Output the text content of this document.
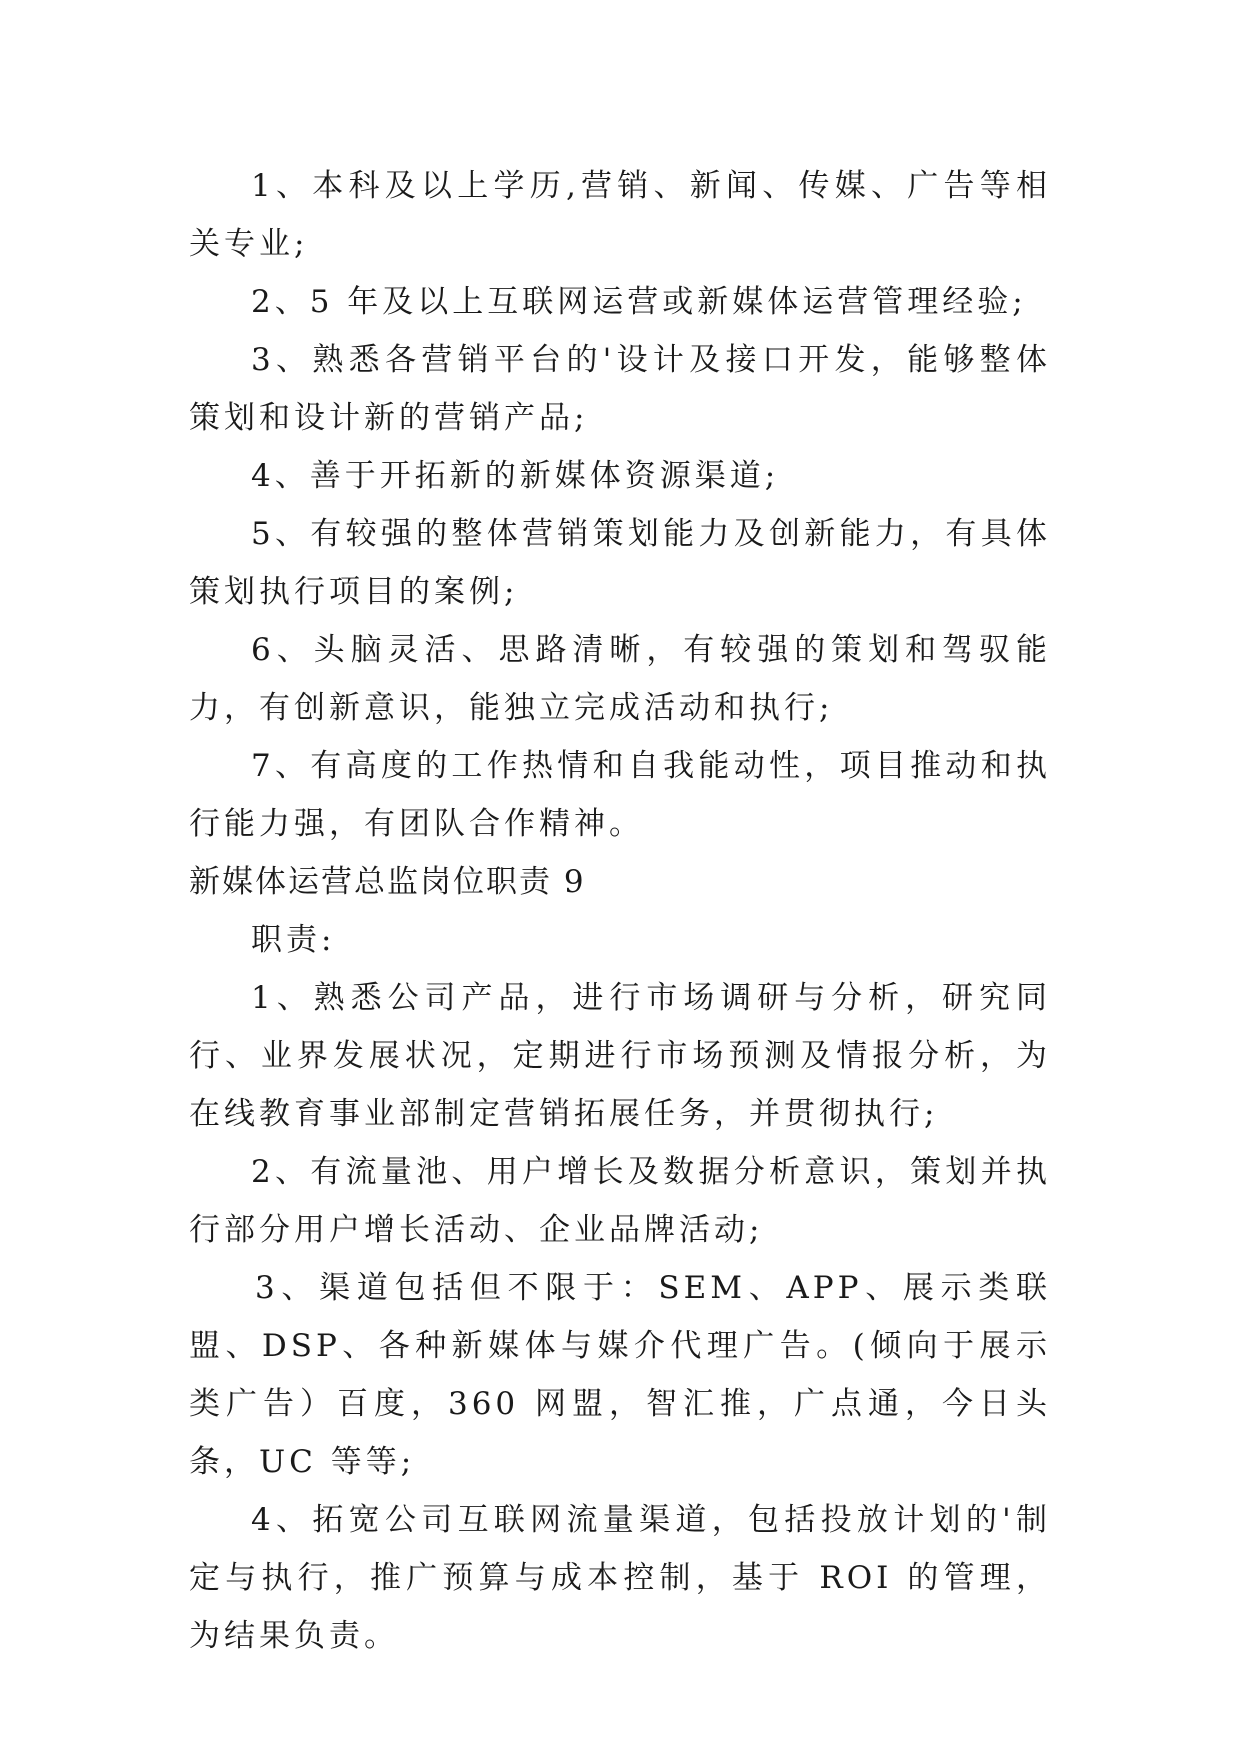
1、本科及以上学历,营销、新闻、传媒、广告等相关专业;

2、5 年及以上互联网运营或新媒体运营管理经验;

3、熟悉各营销平台的'设计及接口开发，能够整体策划和设计新的营销产品;

4、善于开拓新的新媒体资源渠道;

5、有较强的整体营销策划能力及创新能力，有具体策划执行项目的案例;

6、头脑灵活、思路清晰，有较强的策划和驾驭能力，有创新意识，能独立完成活动和执行;

7、有高度的工作热情和自我能动性，项目推动和执行能力强，有团队合作精神。

新媒体运营总监岗位职责 9

职责:

1、熟悉公司产品，进行市场调研与分析，研究同行、业界发展状况，定期进行市场预测及情报分析，为在线教育事业部制定营销拓展任务，并贯彻执行;

2、有流量池、用户增长及数据分析意识，策划并执行部分用户增长活动、企业品牌活动;

3、渠道包括但不限于：SEM、APP、展示类联盟、DSP、各种新媒体与媒介代理广告。(倾向于展示类广告）百度，360 网盟，智汇推，广点通，今日头条，UC 等等;

4、拓宽公司互联网流量渠道，包括投放计划的'制定与执行，推广预算与成本控制，基于 ROI 的管理，为结果负责。
